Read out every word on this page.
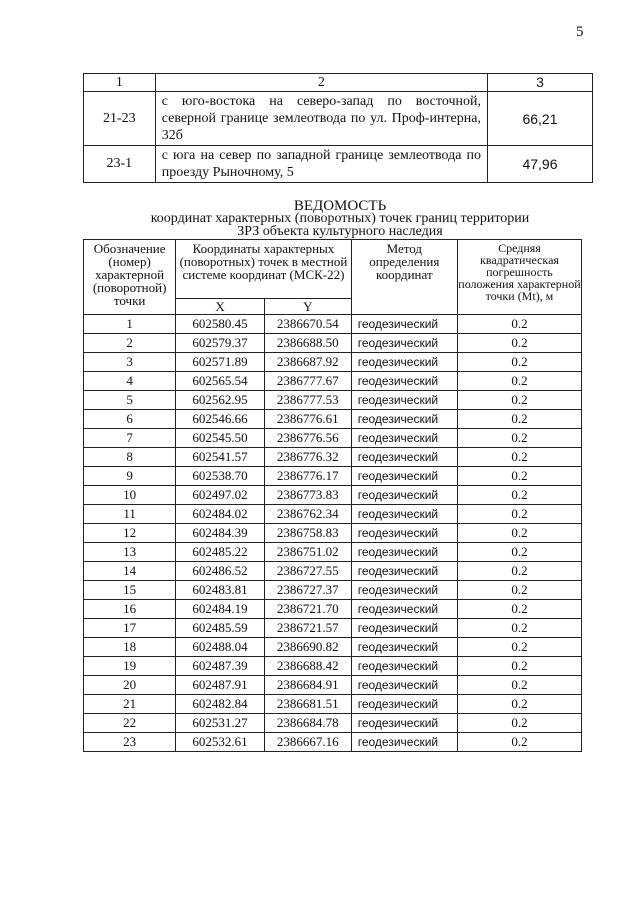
5
1	2	3
21-23	с юго-востока на северо-запад по восточной, северной границе землеотвода по ул. Проф-интерна, 32б	66,21
23-1	с юга на север по западной границе землеотвода по проезду Рыночному, 5	47,96
ВЕДОМОСТЬ
координат характерных (поворотных) точек границ территории
ЗРЗ объекта культурного наследия
Обозначение (номер) характерной (поворотной) точки	Координаты характерных (поворотных) точек в местной системе координат (МСК-22)		Метод определения координат	Средняя квадратическая погрешность положения характерной точки (Mt), м
	X	Y		
1	602580.45	2386670.54	геодезический	0.2
2	602579.37	2386688.50	геодезический	0.2
3	602571.89	2386687.92	геодезический	0.2
4	602565.54	2386777.67	геодезический	0.2
5	602562.95	2386777.53	геодезический	0.2
6	602546.66	2386776.61	геодезический	0.2
7	602545.50	2386776.56	геодезический	0.2
8	602541.57	2386776.32	геодезический	0.2
9	602538.70	2386776.17	геодезический	0.2
10	602497.02	2386773.83	геодезический	0.2
11	602484.02	2386762.34	геодезический	0.2
12	602484.39	2386758.83	геодезический	0.2
13	602485.22	2386751.02	геодезический	0.2
14	602486.52	2386727.55	геодезический	0.2
15	602483.81	2386727.37	геодезический	0.2
16	602484.19	2386721.70	геодезический	0.2
17	602485.59	2386721.57	геодезический	0.2
18	602488.04	2386690.82	геодезический	0.2
19	602487.39	2386688.42	геодезический	0.2
20	602487.91	2386684.91	геодезический	0.2
21	602482.84	2386681.51	геодезический	0.2
22	602531.27	2386684.78	геодезический	0.2
23	602532.61	2386667.16	геодезический	0.2
